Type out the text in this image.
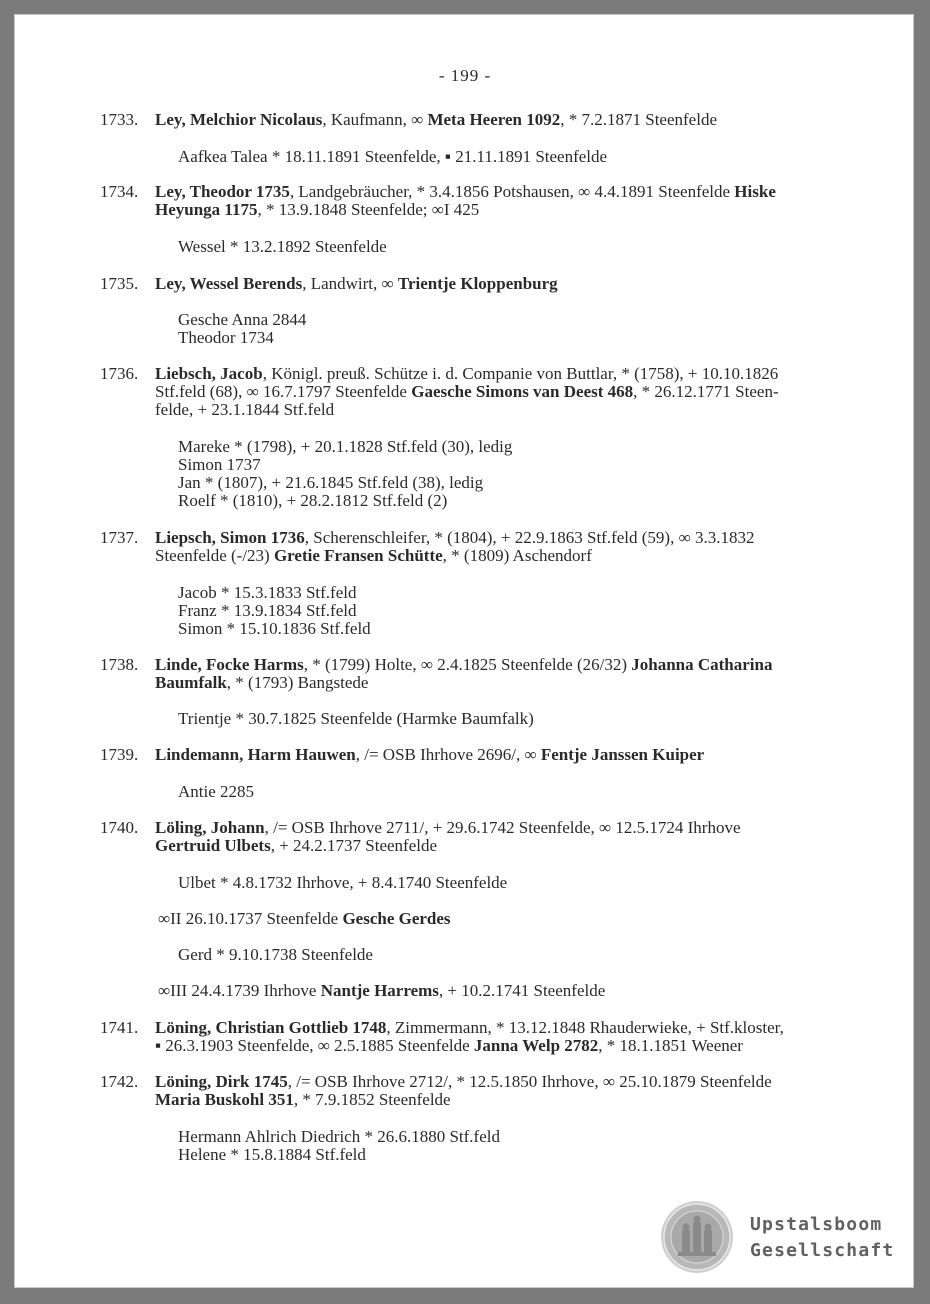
- 199 -
1733. Ley, Melchior Nicolaus, Kaufmann, ∞ Meta Heeren 1092, * 7.2.1871 Steenfelde
Aafkea Talea * 18.11.1891 Steenfelde, ▪ 21.11.1891 Steenfelde
1734. Ley, Theodor 1735, Landgebräucher, * 3.4.1856 Potshausen, ∞ 4.4.1891 Steenfelde Hiske
Heyunga 1175, * 13.9.1848 Steenfelde; ∞I 425
Wessel * 13.2.1892 Steenfelde
1735. Ley, Wessel Berends, Landwirt, ∞ Trientje Kloppenburg
Gesche Anna 2844
Theodor 1734
1736. Liebsch, Jacob, Königl. preuß. Schütze i. d. Companie von Buttlar, * (1758), + 10.10.1826
Stf.feld (68), ∞ 16.7.1797 Steenfelde Gaesche Simons van Deest 468, * 26.12.1771 Steen-
felde, + 23.1.1844 Stf.feld
Mareke * (1798), + 20.1.1828 Stf.feld (30), ledig
Simon 1737
Jan * (1807), + 21.6.1845 Stf.feld (38), ledig
Roelf * (1810), + 28.2.1812 Stf.feld (2)
1737. Liepsch, Simon 1736, Scherenschleifer, * (1804), + 22.9.1863 Stf.feld (59), ∞ 3.3.1832
Steenfelde (-/23) Gretie Fransen Schütte, * (1809) Aschendorf
Jacob * 15.3.1833 Stf.feld
Franz * 13.9.1834 Stf.feld
Simon * 15.10.1836 Stf.feld
1738. Linde, Focke Harms, * (1799) Holte, ∞ 2.4.1825 Steenfelde (26/32) Johanna Catharina
Baumfalk, * (1793) Bangstede
Trientje * 30.7.1825 Steenfelde (Harmke Baumfalk)
1739. Lindemann, Harm Hauwen, /= OSB Ihrhove 2696/, ∞ Fentje Janssen Kuiper
Antie 2285
1740. Löling, Johann, /= OSB Ihrhove 2711/, + 29.6.1742 Steenfelde, ∞ 12.5.1724 Ihrhove
Gertruid Ulbets, + 24.2.1737 Steenfelde
Ulbet * 4.8.1732 Ihrhove, + 8.4.1740 Steenfelde
∞II 26.10.1737 Steenfelde Gesche Gerdes
Gerd * 9.10.1738 Steenfelde
∞III 24.4.1739 Ihrhove Nantje Harrems, + 10.2.1741 Steenfelde
1741. Löning, Christian Gottlieb 1748, Zimmermann, * 13.12.1848 Rhauderwieke, + Stf.kloster,
▪ 26.3.1903 Steenfelde, ∞ 2.5.1885 Steenfelde Janna Welp 2782, * 18.1.1851 Weener
1742. Löning, Dirk 1745, /= OSB Ihrhove 2712/, * 12.5.1850 Ihrhove, ∞ 25.10.1879 Steenfelde
Maria Buskohl 351, * 7.9.1852 Steenfelde
Hermann Ahlrich Diedrich * 26.6.1880 Stf.feld
Helene * 15.8.1884 Stf.feld
Upstalsboom
Gesellschaft
